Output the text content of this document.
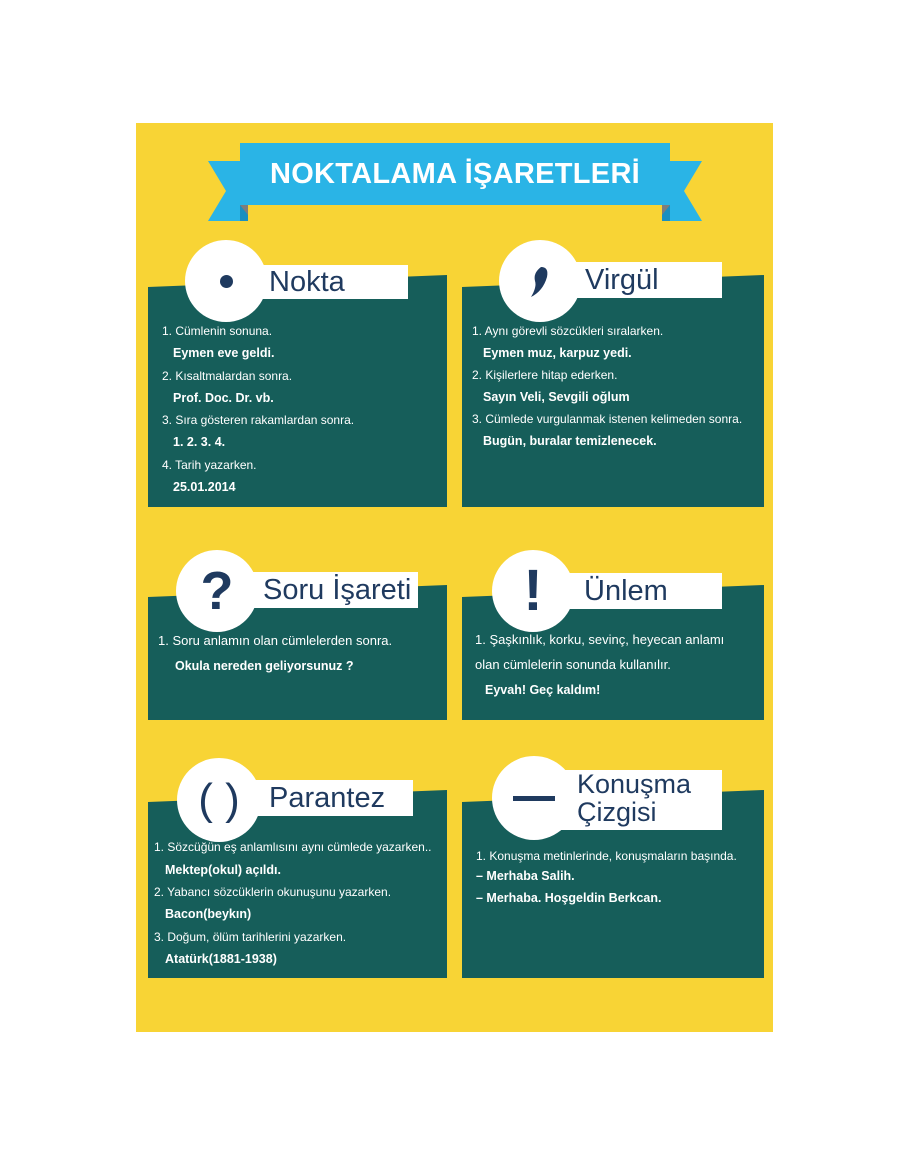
NOKTALAMA İŞARETLERİ
Nokta
1. Cümlenin sonuna.
Eymen eve geldi.
2. Kısaltmalardan sonra.
Prof. Doc. Dr. vb.
3. Sıra gösteren rakamlardan sonra.
1. 2. 3. 4.
4. Tarih yazarken.
25.01.2014
Virgül
1. Aynı görevli sözcükleri sıralarken.
Eymen muz, karpuz yedi.
2. Kişilerlere hitap ederken.
Sayın Veli, Sevgili oğlum
3. Cümlede vurgulanmak istenen kelimeden sonra.
Bugün, buralar temizlenecek.
Soru İşareti
?
1. Soru anlamın olan cümlelerden sonra.
Okula nereden geliyorsunuz ?
Ünlem
!
1. Şaşkınlık, korku, sevinç, heyecan anlamı
olan cümlelerin sonunda kullanılır.
Eyvah! Geç kaldım!
Parantez
( )
1. Sözcüğün eş anlamlısını aynı cümlede yazarken..
Mektep(okul) açıldı.
2. Yabancı sözcüklerin okunuşunu yazarken.
Bacon(beykın)
3. Doğum, ölüm tarihlerini yazarken.
Atatürk(1881-1938)
Konuşma
Çizgisi
1. Konuşma metinlerinde, konuşmaların başında.
– Merhaba Salih.
– Merhaba. Hoşgeldin Berkcan.
